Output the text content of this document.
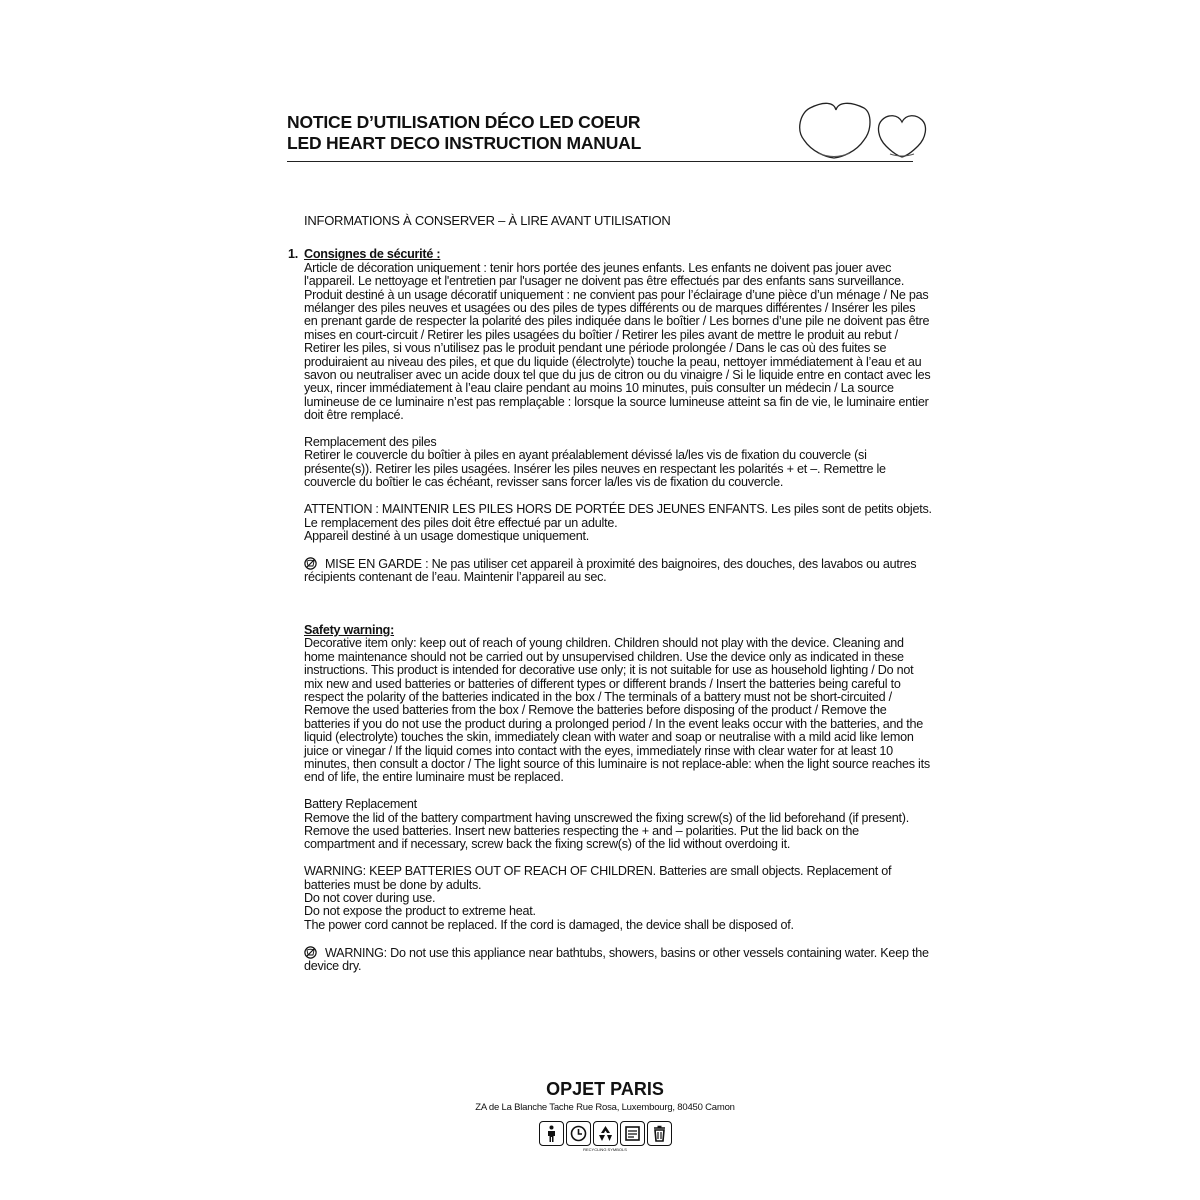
NOTICE D’UTILISATION DÉCO LED COEUR
LED HEART DECO INSTRUCTION MANUAL

INFORMATIONS À CONSERVER – À LIRE AVANT UTILISATION

1. Consignes de sécurité :

Article de décoration uniquement : tenir hors portée des jeunes enfants. Les enfants ne doivent pas jouer avec l'appareil. Le nettoyage et l'entretien par l'usager ne doivent pas être effectués par des enfants sans surveillance. Produit destiné à un usage décoratif uniquement : ne convient pas pour l’éclairage d’une pièce d’un ménage / Ne pas mélanger des piles neuves et usagées ou des piles de types différents ou de marques différentes / Insérer les piles en prenant garde de respecter la polarité des piles indiquée dans le boîtier / Les bornes d’une pile ne doivent pas être mises en court-circuit / Retirer les piles usagées du boîtier / Retirer les piles avant de mettre le produit au rebut / Retirer les piles, si vous n’utilisez pas le produit pendant une période prolongée / Dans le cas où des fuites se produiraient au niveau des piles, et que du liquide (électrolyte) touche la peau, nettoyer immédiatement à l’eau et au savon ou neutraliser avec un acide doux tel que du jus de citron ou du vinaigre / Si le liquide entre en contact avec les yeux, rincer immédiatement à l’eau claire pendant au moins 10 minutes, puis consulter un médecin / La source lumineuse de ce luminaire n’est pas remplaçable : lorsque la source lumineuse atteint sa fin de vie, le luminaire entier doit être remplacé.

Remplacement des piles

Retirer le couvercle du boîtier à piles en ayant préalablement dévissé la/les vis de fixation du couvercle (si présente(s)). Retirer les piles usagées. Insérer les piles neuves en respectant les polarités + et –. Remettre le couvercle du boîtier le cas échéant, revisser sans forcer la/les vis de fixation du couvercle.

ATTENTION : MAINTENIR LES PILES HORS DE PORTÉE DES JEUNES ENFANTS. Les piles sont de petits objets. Le remplacement des piles doit être effectué par un adulte.

Appareil destiné à un usage domestique uniquement.

MISE EN GARDE : Ne pas utiliser cet appareil à proximité des baignoires, des douches, des lavabos ou autres récipients contenant de l’eau. Maintenir l’appareil au sec.

Safety warning:

Decorative item only: keep out of reach of young children. Children should not play with the device. Cleaning and home maintenance should not be carried out by unsupervised children. Use the device only as indicated in these instructions. This product is intended for decorative use only; it is not suitable for use as household lighting / Do not mix new and used batteries or batteries of different types or different brands / Insert the batteries being careful to respect the polarity of the batteries indicated in the box / The terminals of a battery must not be short-circuited / Remove the used batteries from the box / Remove the batteries before disposing of the product / Remove the batteries if you do not use the product during a prolonged period / In the event leaks occur with the batteries, and the liquid (electrolyte) touches the skin, immediately clean with water and soap or neutralise with a mild acid like lemon juice or vinegar / If the liquid comes into contact with the eyes, immediately rinse with clear water for at least 10 minutes, then consult a doctor / The light source of this luminaire is not replace-able: when the light source reaches its end of life, the entire luminaire must be replaced.

Battery Replacement

Remove the lid of the battery compartment having unscrewed the fixing screw(s) of the lid beforehand (if present). Remove the used batteries. Insert new batteries respecting the + and – polarities. Put the lid back on the compartment and if necessary, screw back the fixing screw(s) of the lid without overdoing it.

WARNING: KEEP BATTERIES OUT OF REACH OF CHILDREN. Batteries are small objects. Replacement of batteries must be done by adults.

Do not cover during use.

Do not expose the product to extreme heat.

The power cord cannot be replaced. If the cord is damaged, the device shall be disposed of.

WARNING: Do not use this appliance near bathtubs, showers, basins or other vessels containing water. Keep the device dry.

OPJET PARIS
ZA de La Blanche Tache Rue Rosa, Luxembourg, 80450 Camon
RECYCLING SYMBOLS
